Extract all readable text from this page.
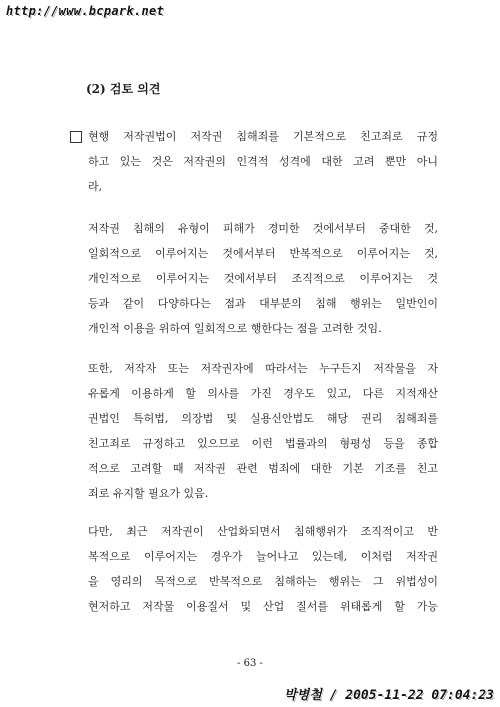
http://www.bcpark.net
(2) 검토 의견
현행 저작권법이 저작권 침해죄를 기본적으로 친고죄로 규정
하고 있는 것은 저작권의 인격적 성격에 대한 고려 뿐만 아니
라,
저작권 침해의 유형이 피해가 경미한 것에서부터 중대한 것,
일회적으로 이루어지는 것에서부터 반복적으로 이루어지는 것,
개인적으로 이루어지는 것에서부터 조직적으로 이루어지는 것
등과 같이 다양하다는 점과 대부분의 침해 행위는 일반인이
개인적 이용을 위하여 일회적으로 행한다는 점을 고려한 것임.
또한, 저작자 또는 저작권자에 따라서는 누구든지 저작물을 자
유롭게 이용하게 할 의사를 가진 경우도 있고, 다른 지적재산
권법인 특허법, 의장법 및 실용신안법도 해당 권리 침해죄를
친고죄로 규정하고 있으므로 이런 법률과의 형평성 등을 종합
적으로 고려할 때 저작권 관련 범죄에 대한 기본 기조를 친고
죄로 유지할 필요가 있음.
다만, 최근 저작권이 산업화되면서 침해행위가 조직적이고 반
복적으로 이루어지는 경우가 늘어나고 있는데, 이처럼 저작권
을 영리의 목적으로 반복적으로 침해하는 행위는 그 위법성이
현저하고 저작물 이용질서 및 산업 질서를 위태롭게 할 가능
- 63 -
박병철 / 2005-11-22 07:04:23
